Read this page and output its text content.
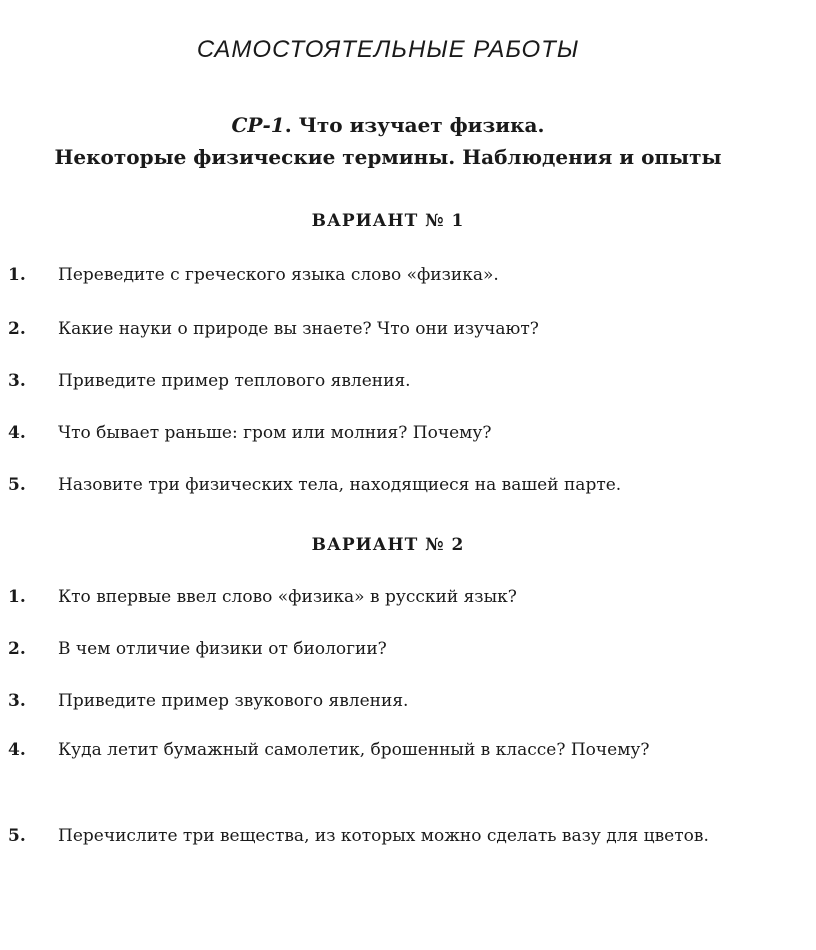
САМОСТОЯТЕЛЬНЫЕ РАБОТЫ

СР-1. Что изучает физика.

Некоторые физические термины. Наблюдения и опыты

ВАРИАНТ № 1
1. Переведите с греческого языка слово «физика».
2. Какие науки о природе вы знаете? Что они изучают?
3. Приведите пример теплового явления.
4. Что бывает раньше: гром или молния? Почему?
5. Назовите три физических тела, находящиеся на вашей парте.
ВАРИАНТ № 2
1. Кто впервые ввел слово «физика» в русский язык?
2. В чем отличие физики от биологии?
3. Приведите пример звукового явления.
4. Куда летит бумажный самолетик, брошенный в классе? Почему?
5. Перечислите три вещества, из которых можно сделать вазу для цветов.
